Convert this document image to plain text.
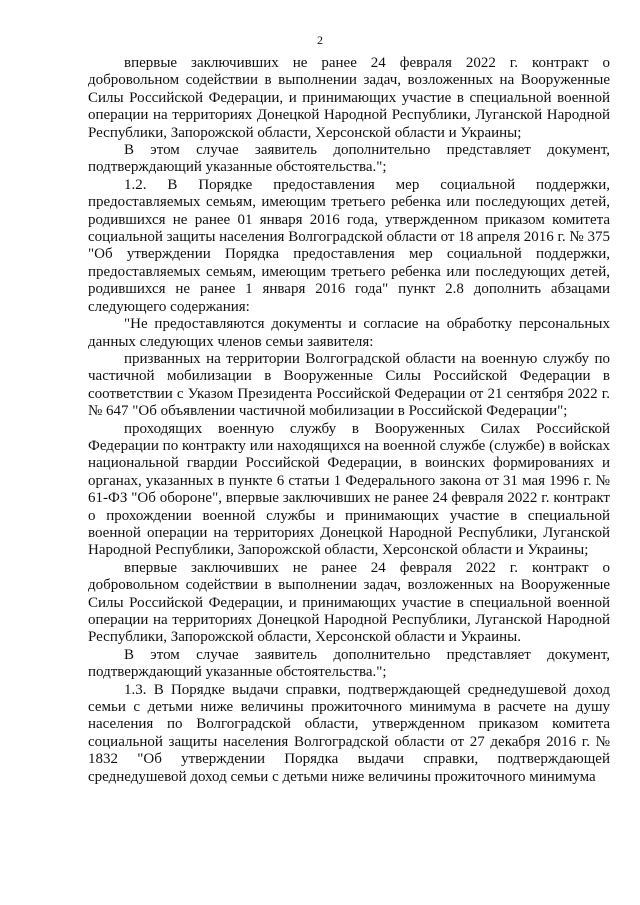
2

впервые заключивших не ранее 24 февраля 2022 г. контракт о добровольном содействии в выполнении задач, возложенных на Вооруженные Силы Российской Федерации, и принимающих участие в специальной военной операции на территориях Донецкой Народной Республики, Луганской Народной Республики, Запорожской области, Херсонской области и Украины;

В этом случае заявитель дополнительно представляет документ, подтверждающий указанные обстоятельства.";

1.2. В Порядке предоставления мер социальной поддержки, предоставляемых семьям, имеющим третьего ребенка или последующих детей, родившихся не ранее 01 января 2016 года, утвержденном приказом комитета социальной защиты населения Волгоградской области от 18 апреля 2016 г. № 375 "Об утверждении Порядка предоставления мер социальной поддержки, предоставляемых семьям, имеющим третьего ребенка или последующих детей, родившихся не ранее 1 января 2016 года" пункт 2.8 дополнить абзацами следующего содержания:

"Не предоставляются документы и согласие на обработку персональных данных следующих членов семьи заявителя:

призванных на территории Волгоградской области на военную службу по частичной мобилизации в Вооруженные Силы Российской Федерации в соответствии с Указом Президента Российской Федерации от 21 сентября 2022 г. № 647 "Об объявлении частичной мобилизации в Российской Федерации";

проходящих военную службу в Вооруженных Силах Российской Федерации по контракту или находящихся на военной службе (службе) в войсках национальной гвардии Российской Федерации, в воинских формированиях и органах, указанных в пункте 6 статьи 1 Федерального закона от 31 мая 1996 г. № 61-ФЗ "Об обороне", впервые заключивших не ранее 24 февраля 2022 г. контракт о прохождении военной службы и принимающих участие в специальной военной операции на территориях Донецкой Народной Республики, Луганской Народной Республики, Запорожской области, Херсонской области и Украины;

впервые заключивших не ранее 24 февраля 2022 г. контракт о добровольном содействии в выполнении задач, возложенных на Вооруженные Силы Российской Федерации, и принимающих участие в специальной военной операции на территориях Донецкой Народной Республики, Луганской Народной Республики, Запорожской области, Херсонской области и Украины.

В этом случае заявитель дополнительно представляет документ, подтверждающий указанные обстоятельства.";

1.3. В Порядке выдачи справки, подтверждающей среднедушевой доход семьи с детьми ниже величины прожиточного минимума в расчете на душу населения по Волгоградской области, утвержденном приказом комитета социальной защиты населения Волгоградской области от 27 декабря 2016 г. № 1832 "Об утверждении Порядка выдачи справки, подтверждающей среднедушевой доход семьи с детьми ниже величины прожиточного минимума
